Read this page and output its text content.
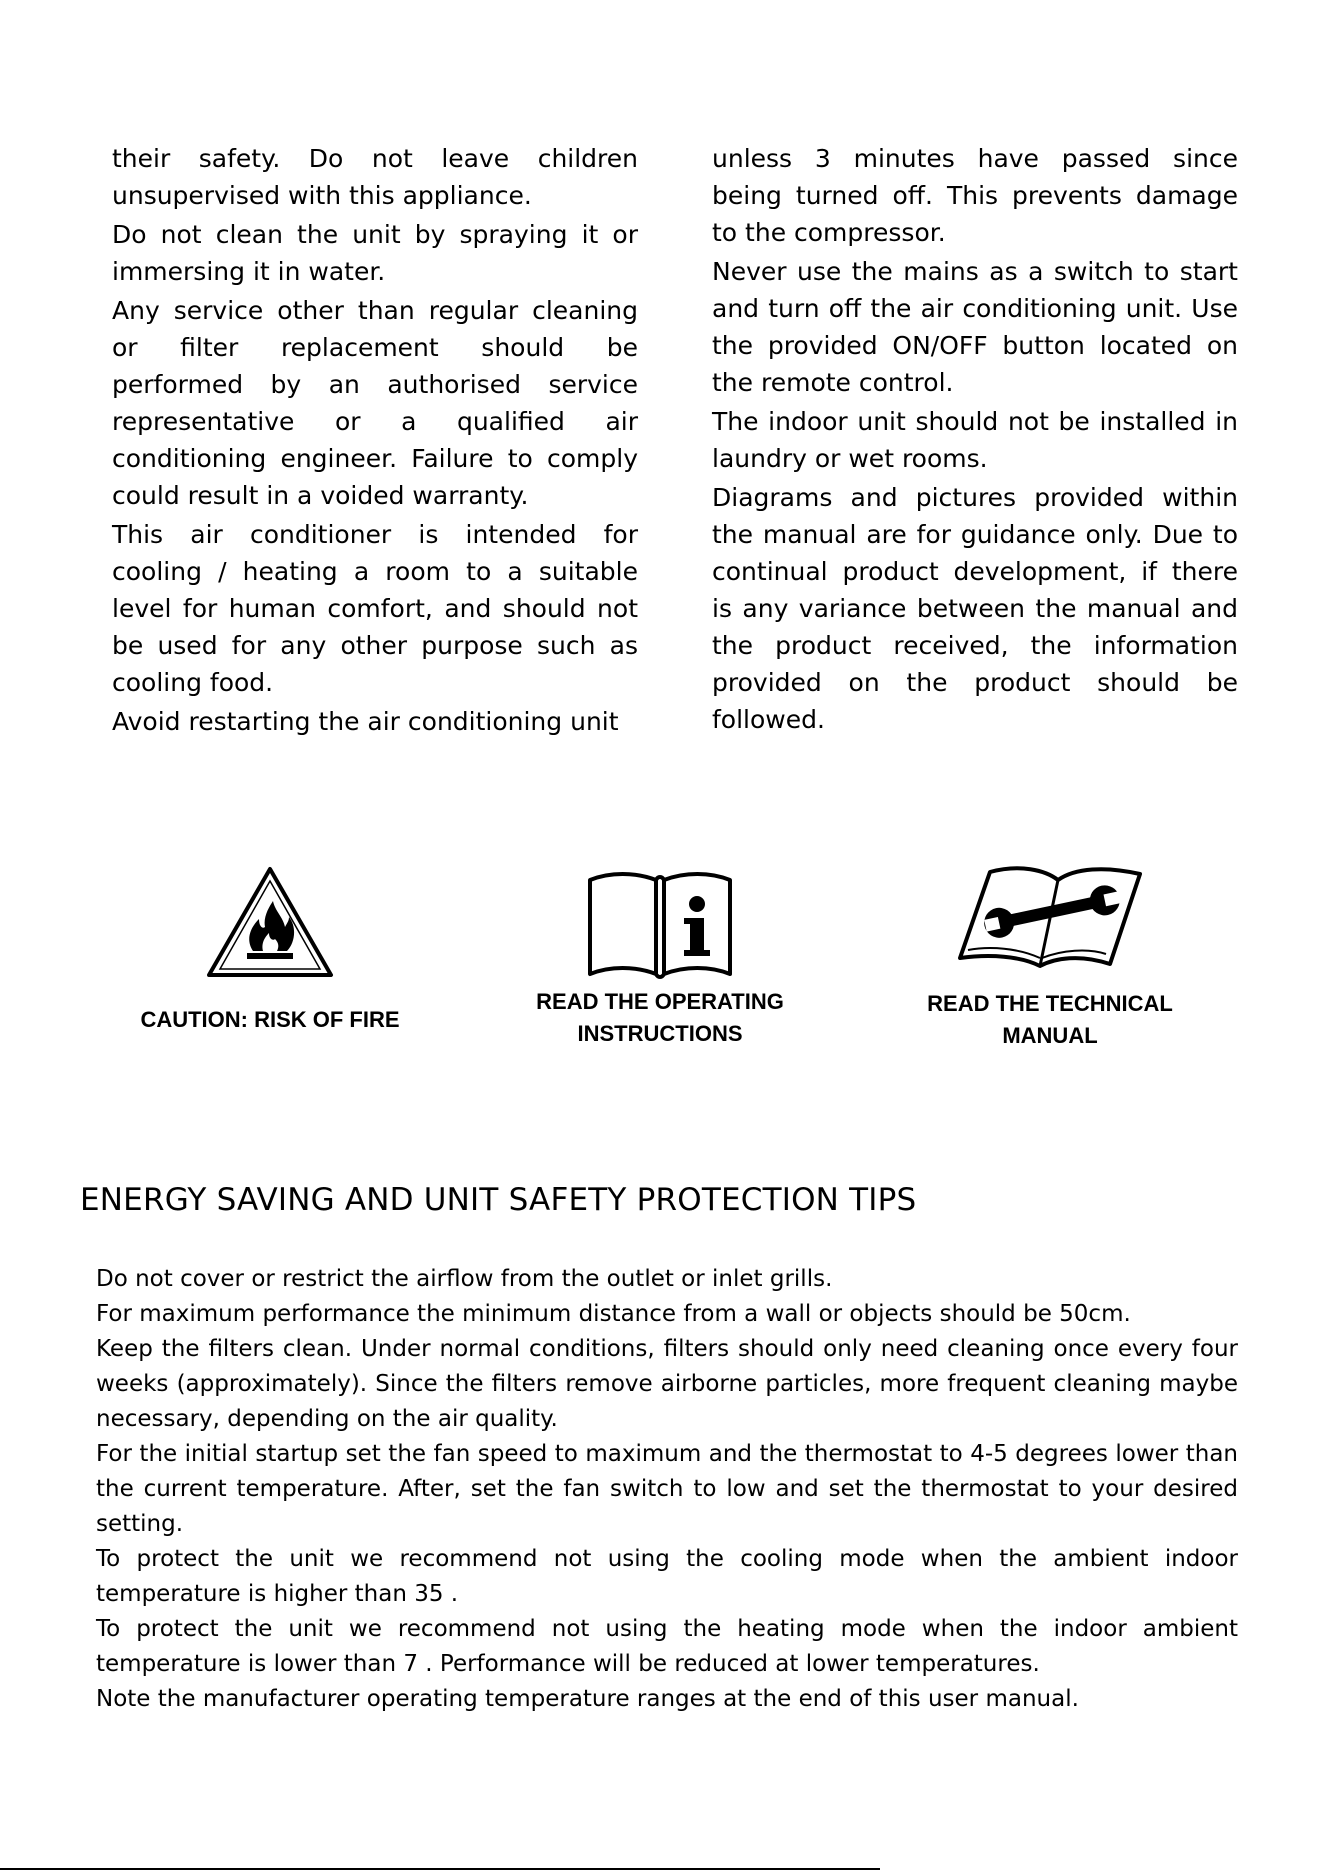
their safety. Do not leave children unsupervised with this appliance.

Do not clean the unit by spraying it or immersing it in water.

Any service other than regular cleaning or filter replacement should be performed by an authorised service representative or a qualified air conditioning engineer. Failure to comply could result in a voided warranty.

This air conditioner is intended for cooling / heating a room to a suitable level for human comfort, and should not be used for any other purpose such as cooling food.

Avoid restarting the air conditioning unit

unless 3 minutes have passed since being turned off. This prevents damage to the compressor.

Never use the mains as a switch to start and turn off the air conditioning unit. Use the provided ON/OFF button located on the remote control.

The indoor unit should not be installed in laundry or wet rooms.

Diagrams and pictures provided within the manual are for guidance only. Due to continual product development, if there is any variance between the manual and the product received, the information provided on the product should be followed.

CAUTION: RISK OF FIRE
READ THE OPERATING
INSTRUCTIONS
READ THE TECHNICAL
MANUAL
ENERGY SAVING AND UNIT SAFETY PROTECTION TIPS

Do not cover or restrict the airflow from the outlet or inlet grills.

For maximum performance the minimum distance from a wall or objects should be 50cm.

Keep the filters clean. Under normal conditions, filters should only need cleaning once every four weeks (approximately). Since the filters remove airborne particles, more frequent cleaning maybe necessary, depending on the air quality.

For the initial startup set the fan speed to maximum and the thermostat to 4-5 degrees lower than the current temperature. After, set the fan switch to low and set the thermostat to your desired setting.

To protect the unit we recommend not using the cooling mode when the ambient indoor temperature is higher than 35 .

To protect the unit we recommend not using the heating mode when the indoor ambient temperature is lower than 7 . Performance will be reduced at lower temperatures.

Note the manufacturer operating temperature ranges at the end of this user manual.
